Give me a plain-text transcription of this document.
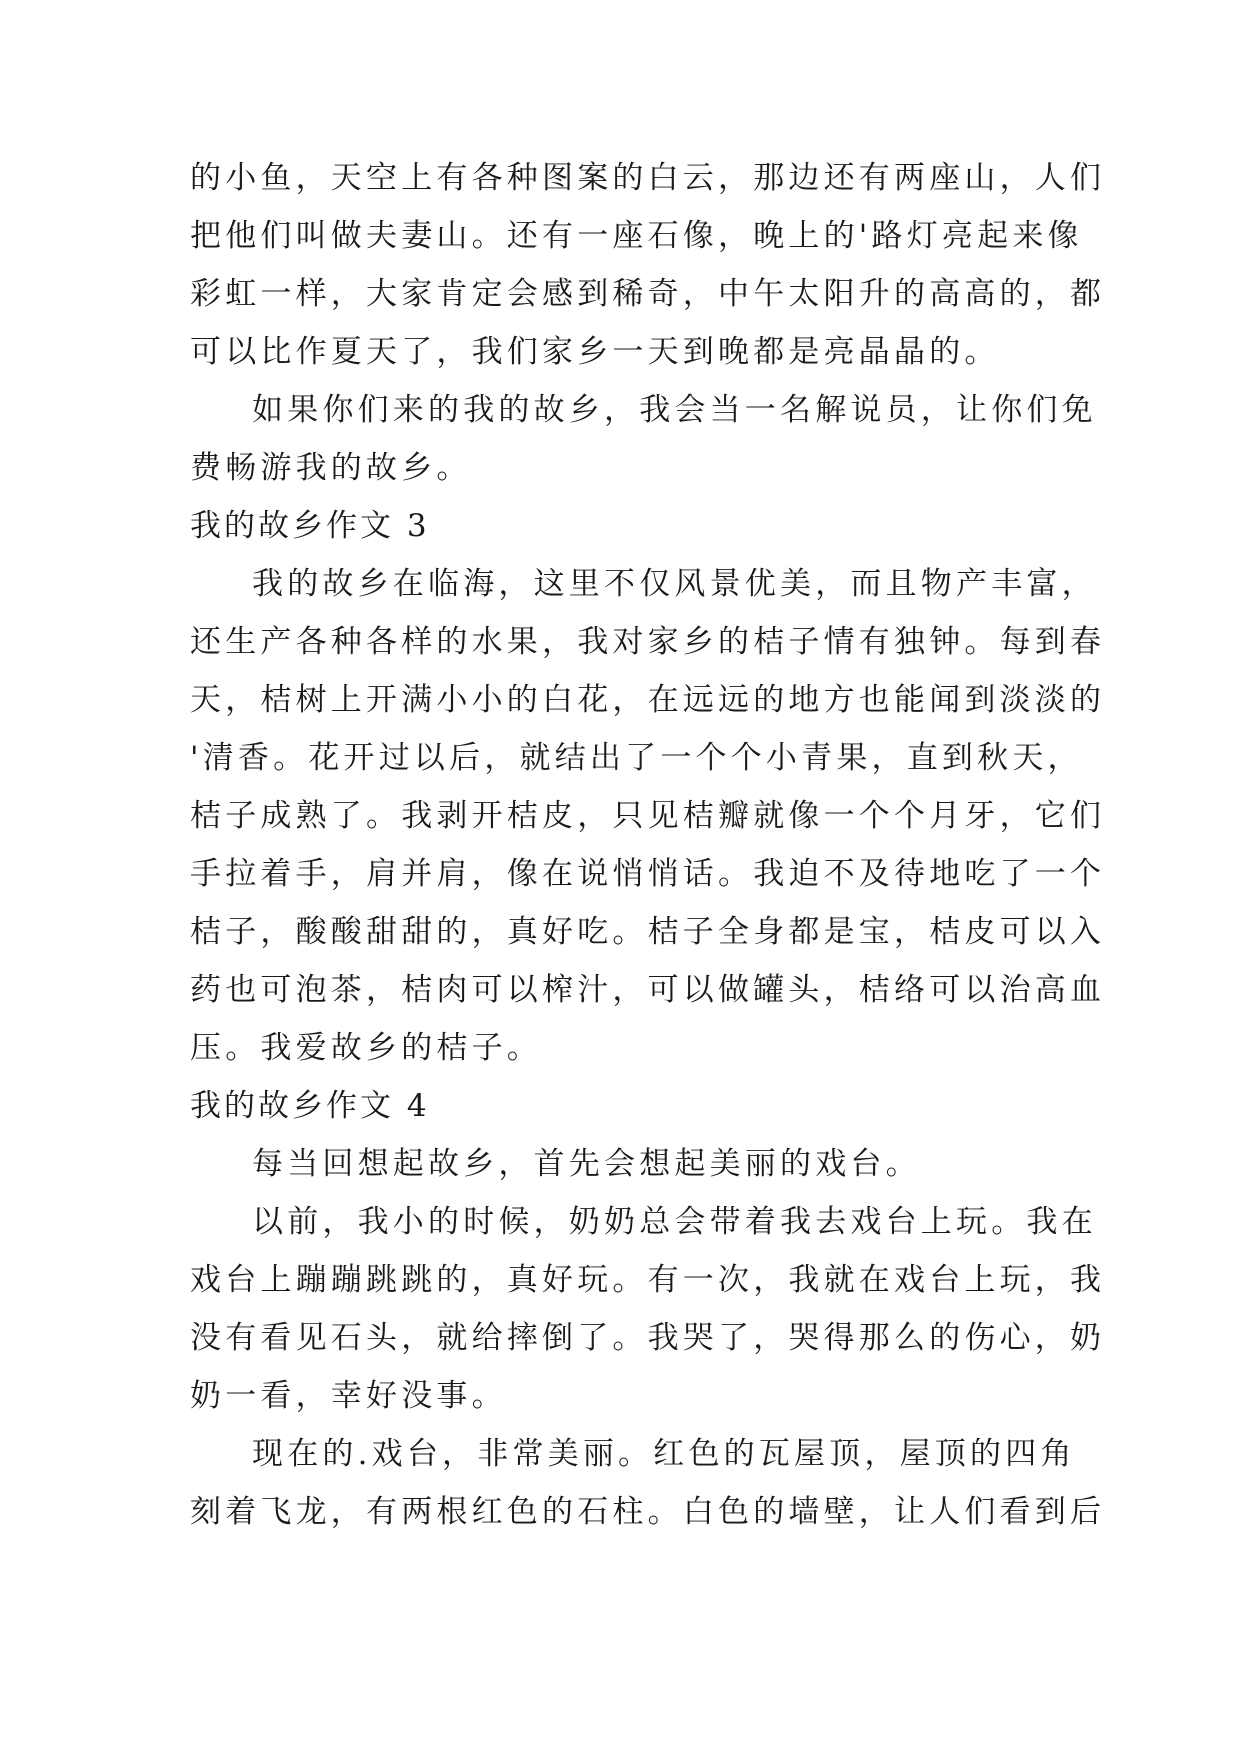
的小鱼，天空上有各种图案的白云，那边还有两座山，人们
把他们叫做夫妻山。还有一座石像，晚上的'路灯亮起来像
彩虹一样，大家肯定会感到稀奇，中午太阳升的高高的，都
可以比作夏天了，我们家乡一天到晚都是亮晶晶的。
如果你们来的我的故乡，我会当一名解说员，让你们免
费畅游我的故乡。
我的故乡作文 3
我的故乡在临海，这里不仅风景优美，而且物产丰富，
还生产各种各样的水果，我对家乡的桔子情有独钟。每到春
天，桔树上开满小小的白花，在远远的地方也能闻到淡淡的
'清香。花开过以后，就结出了一个个小青果，直到秋天，
桔子成熟了。我剥开桔皮，只见桔瓣就像一个个月牙，它们
手拉着手，肩并肩，像在说悄悄话。我迫不及待地吃了一个
桔子，酸酸甜甜的，真好吃。桔子全身都是宝，桔皮可以入
药也可泡茶，桔肉可以榨汁，可以做罐头，桔络可以治高血
压。我爱故乡的桔子。
我的故乡作文 4
每当回想起故乡，首先会想起美丽的戏台。
以前，我小的时候，奶奶总会带着我去戏台上玩。我在
戏台上蹦蹦跳跳的，真好玩。有一次，我就在戏台上玩，我
没有看见石头，就给摔倒了。我哭了，哭得那么的伤心，奶
奶一看，幸好没事。
现在的.戏台，非常美丽。红色的瓦屋顶，屋顶的四角
刻着飞龙，有两根红色的石柱。白色的墙壁，让人们看到后
